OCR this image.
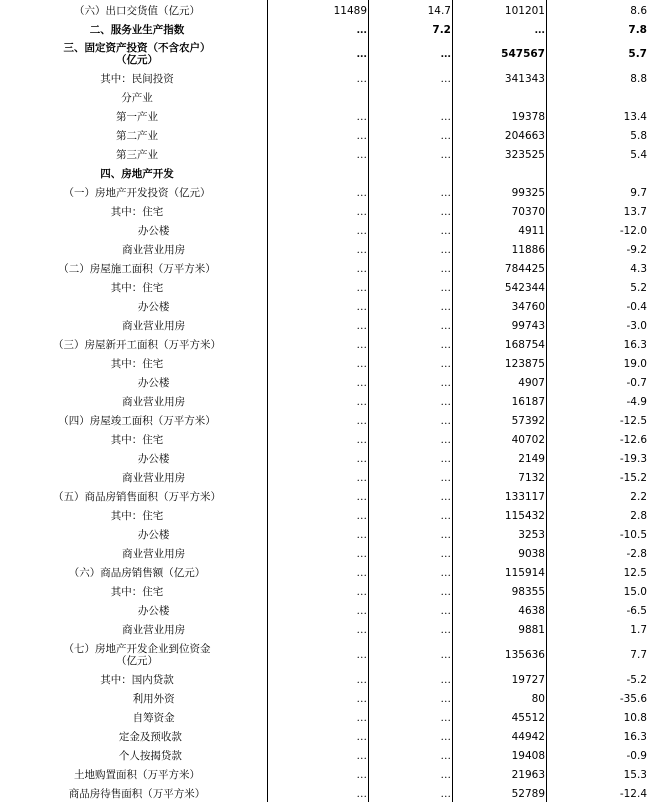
（六）出口交货值（亿元）	11489	14.7	101201	8.6
二、服务业生产指数	…	7.2	…	7.8
三、固定资产投资（不含农户）
（亿元）	…	…	547567	5.7
其中：民间投资	…	…	341343	8.8
分产业
第一产业	…	…	19378	13.4
第二产业	…	…	204663	5.8
第三产业	…	…	323525	5.4
四、房地产开发
（一）房地产开发投资（亿元）	…	…	99325	9.7
其中：住宅	…	…	70370	13.7
办公楼	…	…	4911	-12.0
商业营业用房	…	…	11886	-9.2
（二）房屋施工面积（万平方米）	…	…	784425	4.3
其中：住宅	…	…	542344	5.2
办公楼	…	…	34760	-0.4
商业营业用房	…	…	99743	-3.0
（三）房屋新开工面积（万平方米）	…	…	168754	16.3
其中：住宅	…	…	123875	19.0
办公楼	…	…	4907	-0.7
商业营业用房	…	…	16187	-4.9
（四）房屋竣工面积（万平方米）	…	…	57392	-12.5
其中：住宅	…	…	40702	-12.6
办公楼	…	…	2149	-19.3
商业营业用房	…	…	7132	-15.2
（五）商品房销售面积（万平方米）	…	…	133117	2.2
其中：住宅	…	…	115432	2.8
办公楼	…	…	3253	-10.5
商业营业用房	…	…	9038	-2.8
（六）商品房销售额（亿元）	…	…	115914	12.5
其中：住宅	…	…	98355	15.0
办公楼	…	…	4638	-6.5
商业营业用房	…	…	9881	1.7
（七）房地产开发企业到位资金
（亿元）	…	…	135636	7.7
其中：国内贷款	…	…	19727	-5.2
利用外资	…	…	80	-35.6
自筹资金	…	…	45512	10.8
定金及预收款	…	…	44942	16.3
个人按揭贷款	…	…	19408	-0.9
土地购置面积（万平方米）	…	…	21963	15.3
商品房待售面积（万平方米）	…	…	52789	-12.4
